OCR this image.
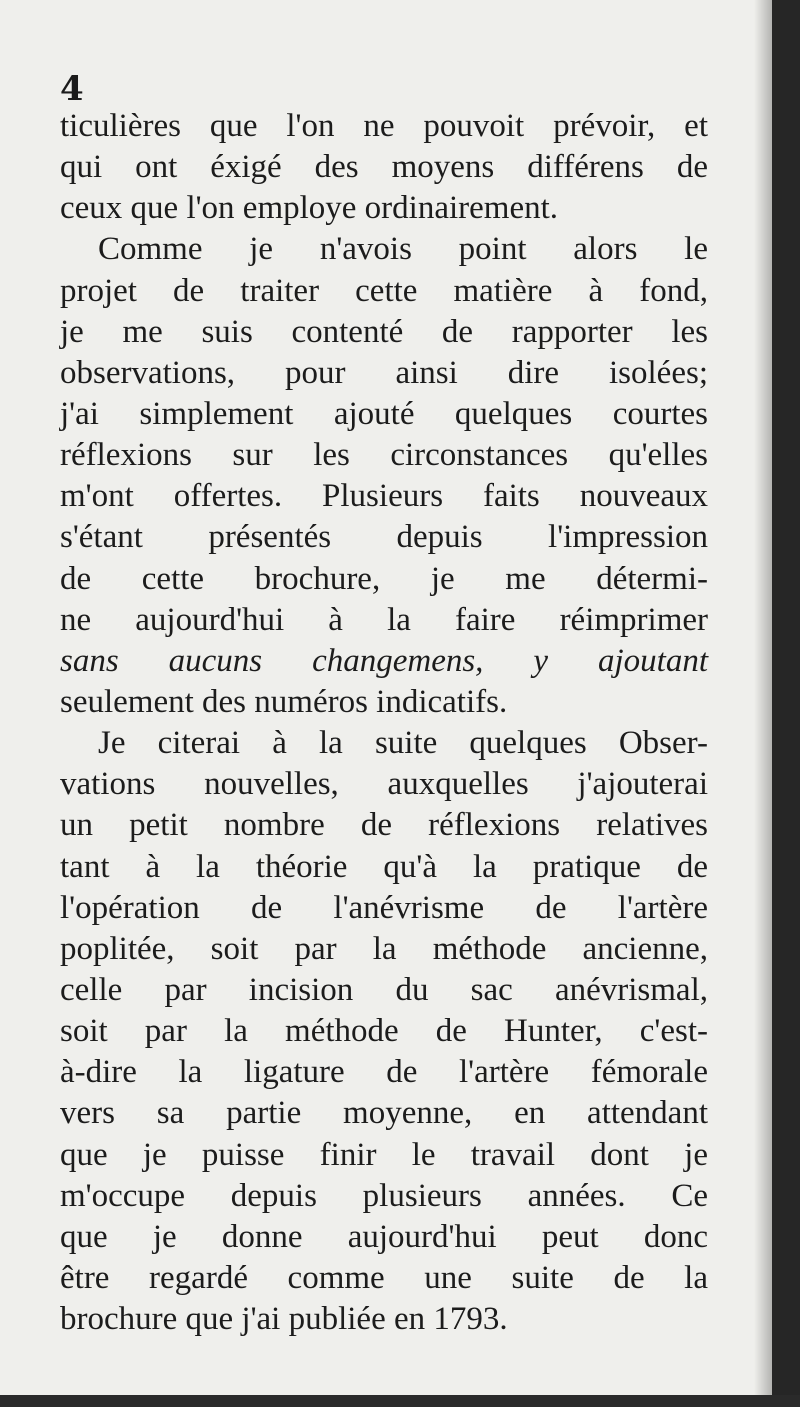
4
ticulières que l'on ne pouvoit prévoir, et
qui ont éxigé des moyens différens de
ceux que l'on employe ordinairement.
Comme je n'avois point alors le
projet de traiter cette matière à fond,
je me suis contenté de rapporter les
observations, pour ainsi dire isolées;
j'ai simplement ajouté quelques courtes
réflexions sur les circonstances qu'elles
m'ont offertes. Plusieurs faits nouveaux
s'étant présentés depuis l'impression
de cette brochure, je me détermi-
ne aujourd'hui à la faire réimprimer
sans aucuns changemens, y ajoutant
seulement des numéros indicatifs.
Je citerai à la suite quelques Obser-
vations nouvelles, auxquelles j'ajouterai
un petit nombre de réflexions relatives
tant à la théorie qu'à la pratique de
l'opération de l'anévrisme de l'artère
poplitée, soit par la méthode ancienne,
celle par incision du sac anévrismal,
soit par la méthode de Hunter, c'est-
à-dire la ligature de l'artère fémorale
vers sa partie moyenne, en attendant
que je puisse finir le travail dont je
m'occupe depuis plusieurs années. Ce
que je donne aujourd'hui peut donc
être regardé comme une suite de la
brochure que j'ai publiée en 1793.
